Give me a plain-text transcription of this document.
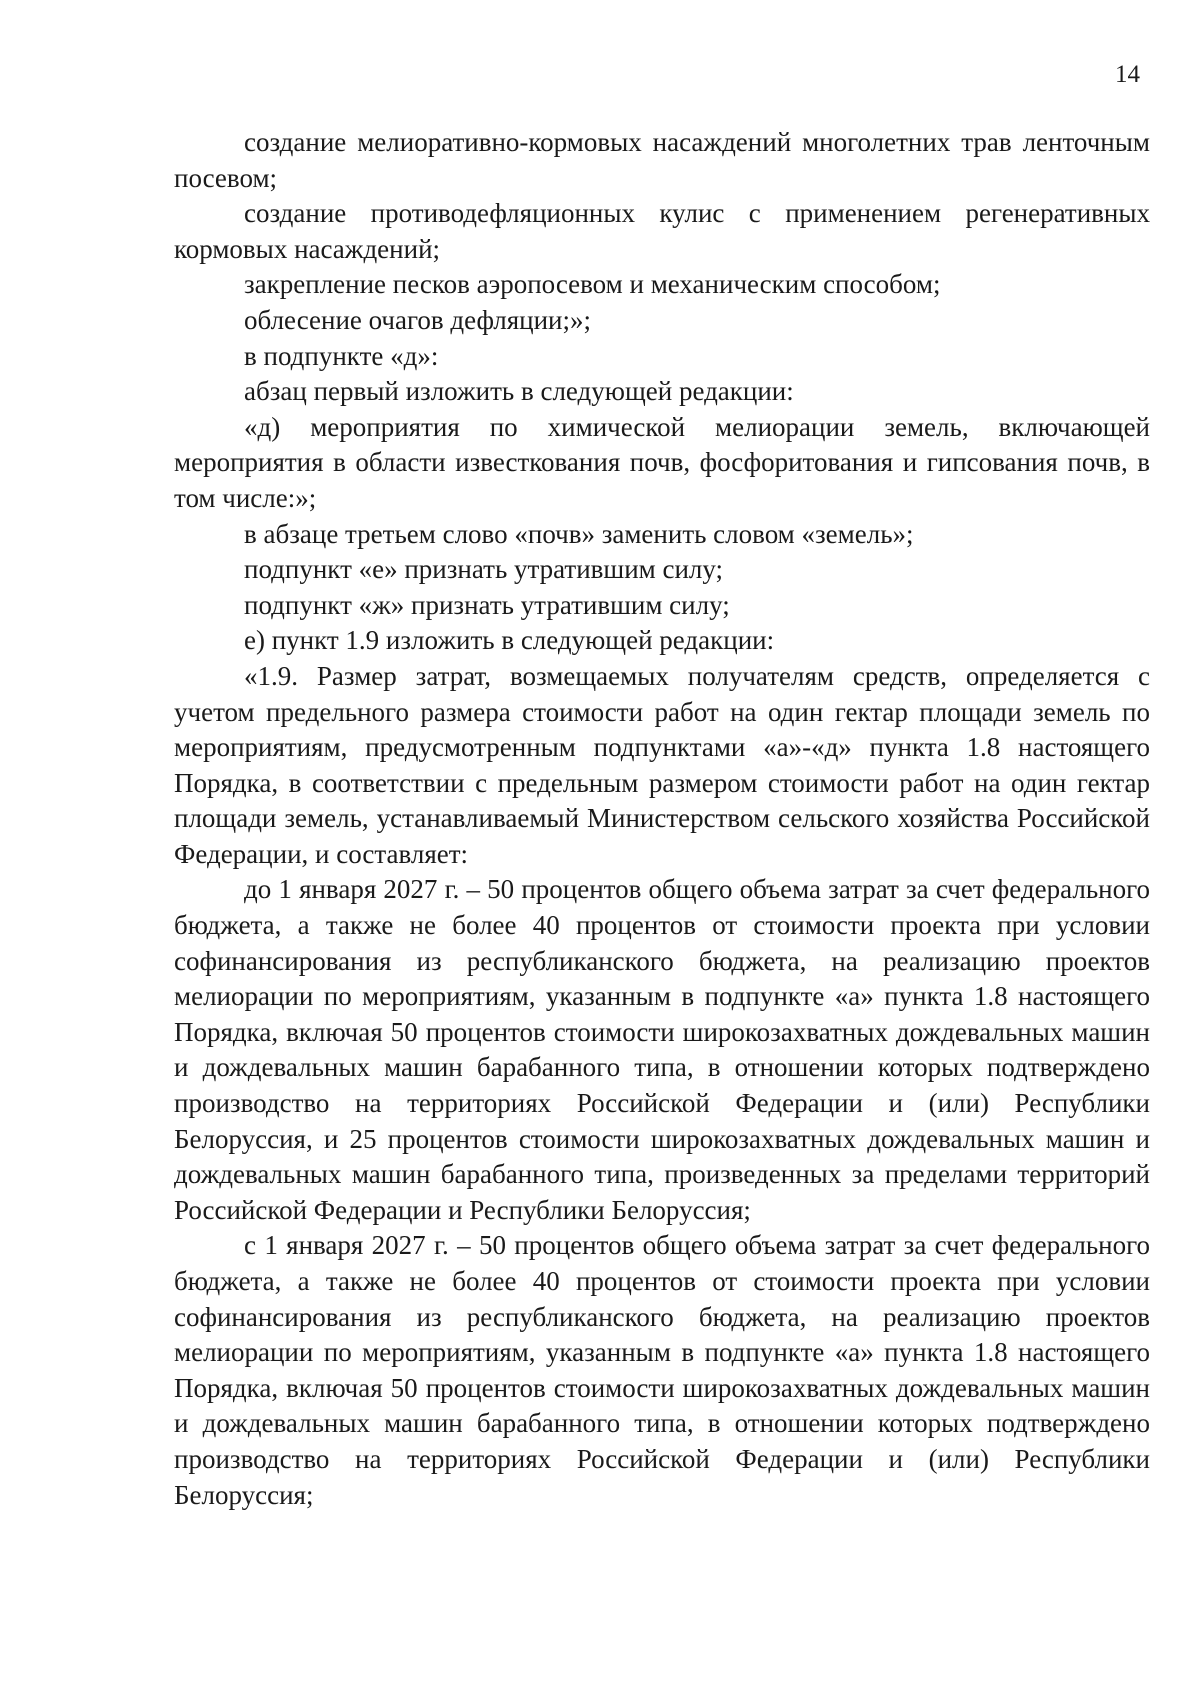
14

создание мелиоративно-кормовых насаждений многолетних трав ленточным посевом;

создание противодефляционных кулис с применением регенеративных кормовых насаждений;

закрепление песков аэропосевом и механическим способом;

облесение очагов дефляции;»;

в подпункте «д»:

абзац первый изложить в следующей редакции:

«д) мероприятия по химической мелиорации земель, включающей мероприятия в области известкования почв, фосфоритования и гипсования почв, в том числе:»;

в абзаце третьем слово «почв» заменить словом «земель»;

подпункт «е» признать утратившим силу;

подпункт «ж» признать утратившим силу;

е) пункт 1.9 изложить в следующей редакции:

«1.9. Размер затрат, возмещаемых получателям средств, определяется с учетом предельного размера стоимости работ на один гектар площади земель по мероприятиям, предусмотренным подпунктами «а»-«д» пункта 1.8 настоящего Порядка, в соответствии с предельным размером стоимости работ на один гектар площади земель, устанавливаемый Министерством сельского хозяйства Российской Федерации, и составляет:

до 1 января 2027 г. – 50 процентов общего объема затрат за счет федерального бюджета, а также не более 40 процентов от стоимости проекта при условии софинансирования из республиканского бюджета, на реализацию проектов мелиорации по мероприятиям, указанным в подпункте «а» пункта 1.8 настоящего Порядка, включая 50 процентов стоимости широкозахватных дождевальных машин и дождевальных машин барабанного типа, в отношении которых подтверждено производство на территориях Российской Федерации и (или) Республики Белоруссия, и 25 процентов стоимости широкозахватных дождевальных машин и дождевальных машин барабанного типа, произведенных за пределами территорий Российской Федерации и Республики Белоруссия;

с 1 января 2027 г. – 50 процентов общего объема затрат за счет федерального бюджета, а также не более 40 процентов от стоимости проекта при условии софинансирования из республиканского бюджета, на реализацию проектов мелиорации по мероприятиям, указанным в подпункте «а» пункта 1.8 настоящего Порядка, включая 50 процентов стоимости широкозахватных дождевальных машин и дождевальных машин барабанного типа, в отношении которых подтверждено производство на территориях Российской Федерации и (или) Республики Белоруссия;
